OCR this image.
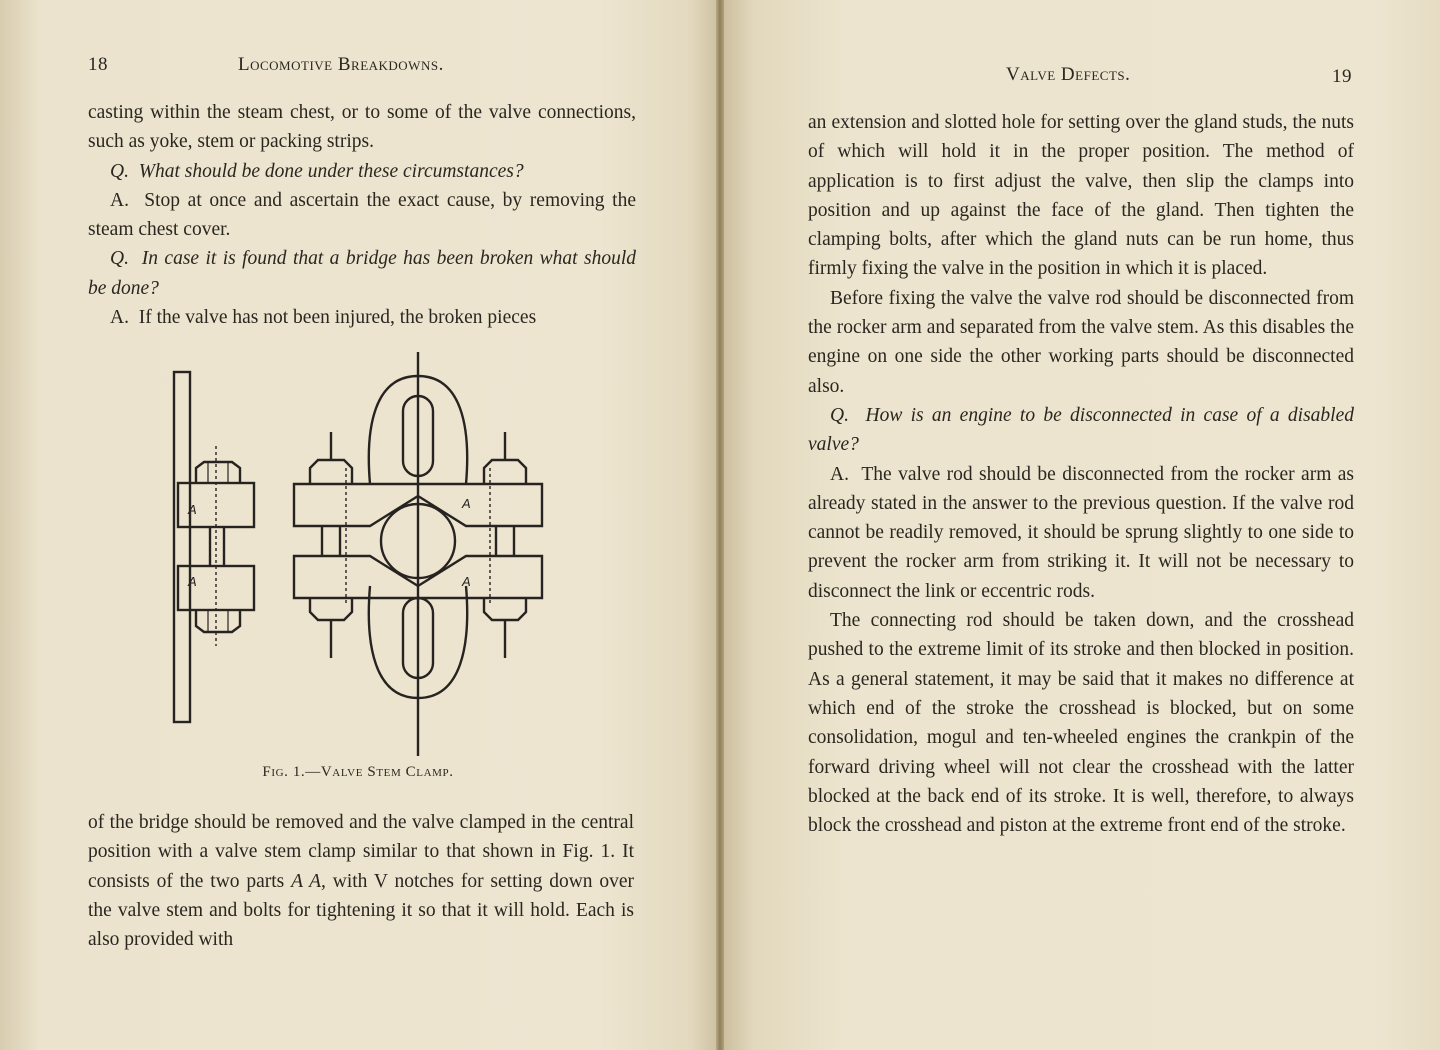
18	Locomotive Breakdowns.

casting within the steam chest, or to some of the valve connections, such as yoke, stem or packing strips.

Q. What should be done under these circumstances?

A. Stop at once and ascertain the exact cause, by removing the steam chest cover.

Q. In case it is found that a bridge has been broken what should be done?

A. If the valve has not been injured, the broken pieces

A
A
A
A
Fig. 1.—Valve Stem Clamp.

of the bridge should be removed and the valve clamped in the central position with a valve stem clamp similar to that shown in Fig. 1. It consists of the two parts A A, with V notches for setting down over the valve stem and bolts for tightening it so that it will hold. Each is also provided with

Valve Defects.	19

an extension and slotted hole for setting over the gland studs, the nuts of which will hold it in the proper position. The method of application is to first adjust the valve, then slip the clamps into position and up against the face of the gland. Then tighten the clamping bolts, after which the gland nuts can be run home, thus firmly fixing the valve in the position in which it is placed.

Before fixing the valve the valve rod should be disconnected from the rocker arm and separated from the valve stem. As this disables the engine on one side the other working parts should be disconnected also.

Q. How is an engine to be disconnected in case of a disabled valve?

A. The valve rod should be disconnected from the rocker arm as already stated in the answer to the previous question. If the valve rod cannot be readily removed, it should be sprung slightly to one side to prevent the rocker arm from striking it. It will not be necessary to disconnect the link or eccentric rods.

The connecting rod should be taken down, and the crosshead pushed to the extreme limit of its stroke and then blocked in position. As a general statement, it may be said that it makes no difference at which end of the stroke the crosshead is blocked, but on some consolidation, mogul and ten-wheeled engines the crankpin of the forward driving wheel will not clear the crosshead with the latter blocked at the back end of its stroke. It is well, therefore, to always block the crosshead and piston at the extreme front end of the stroke.
